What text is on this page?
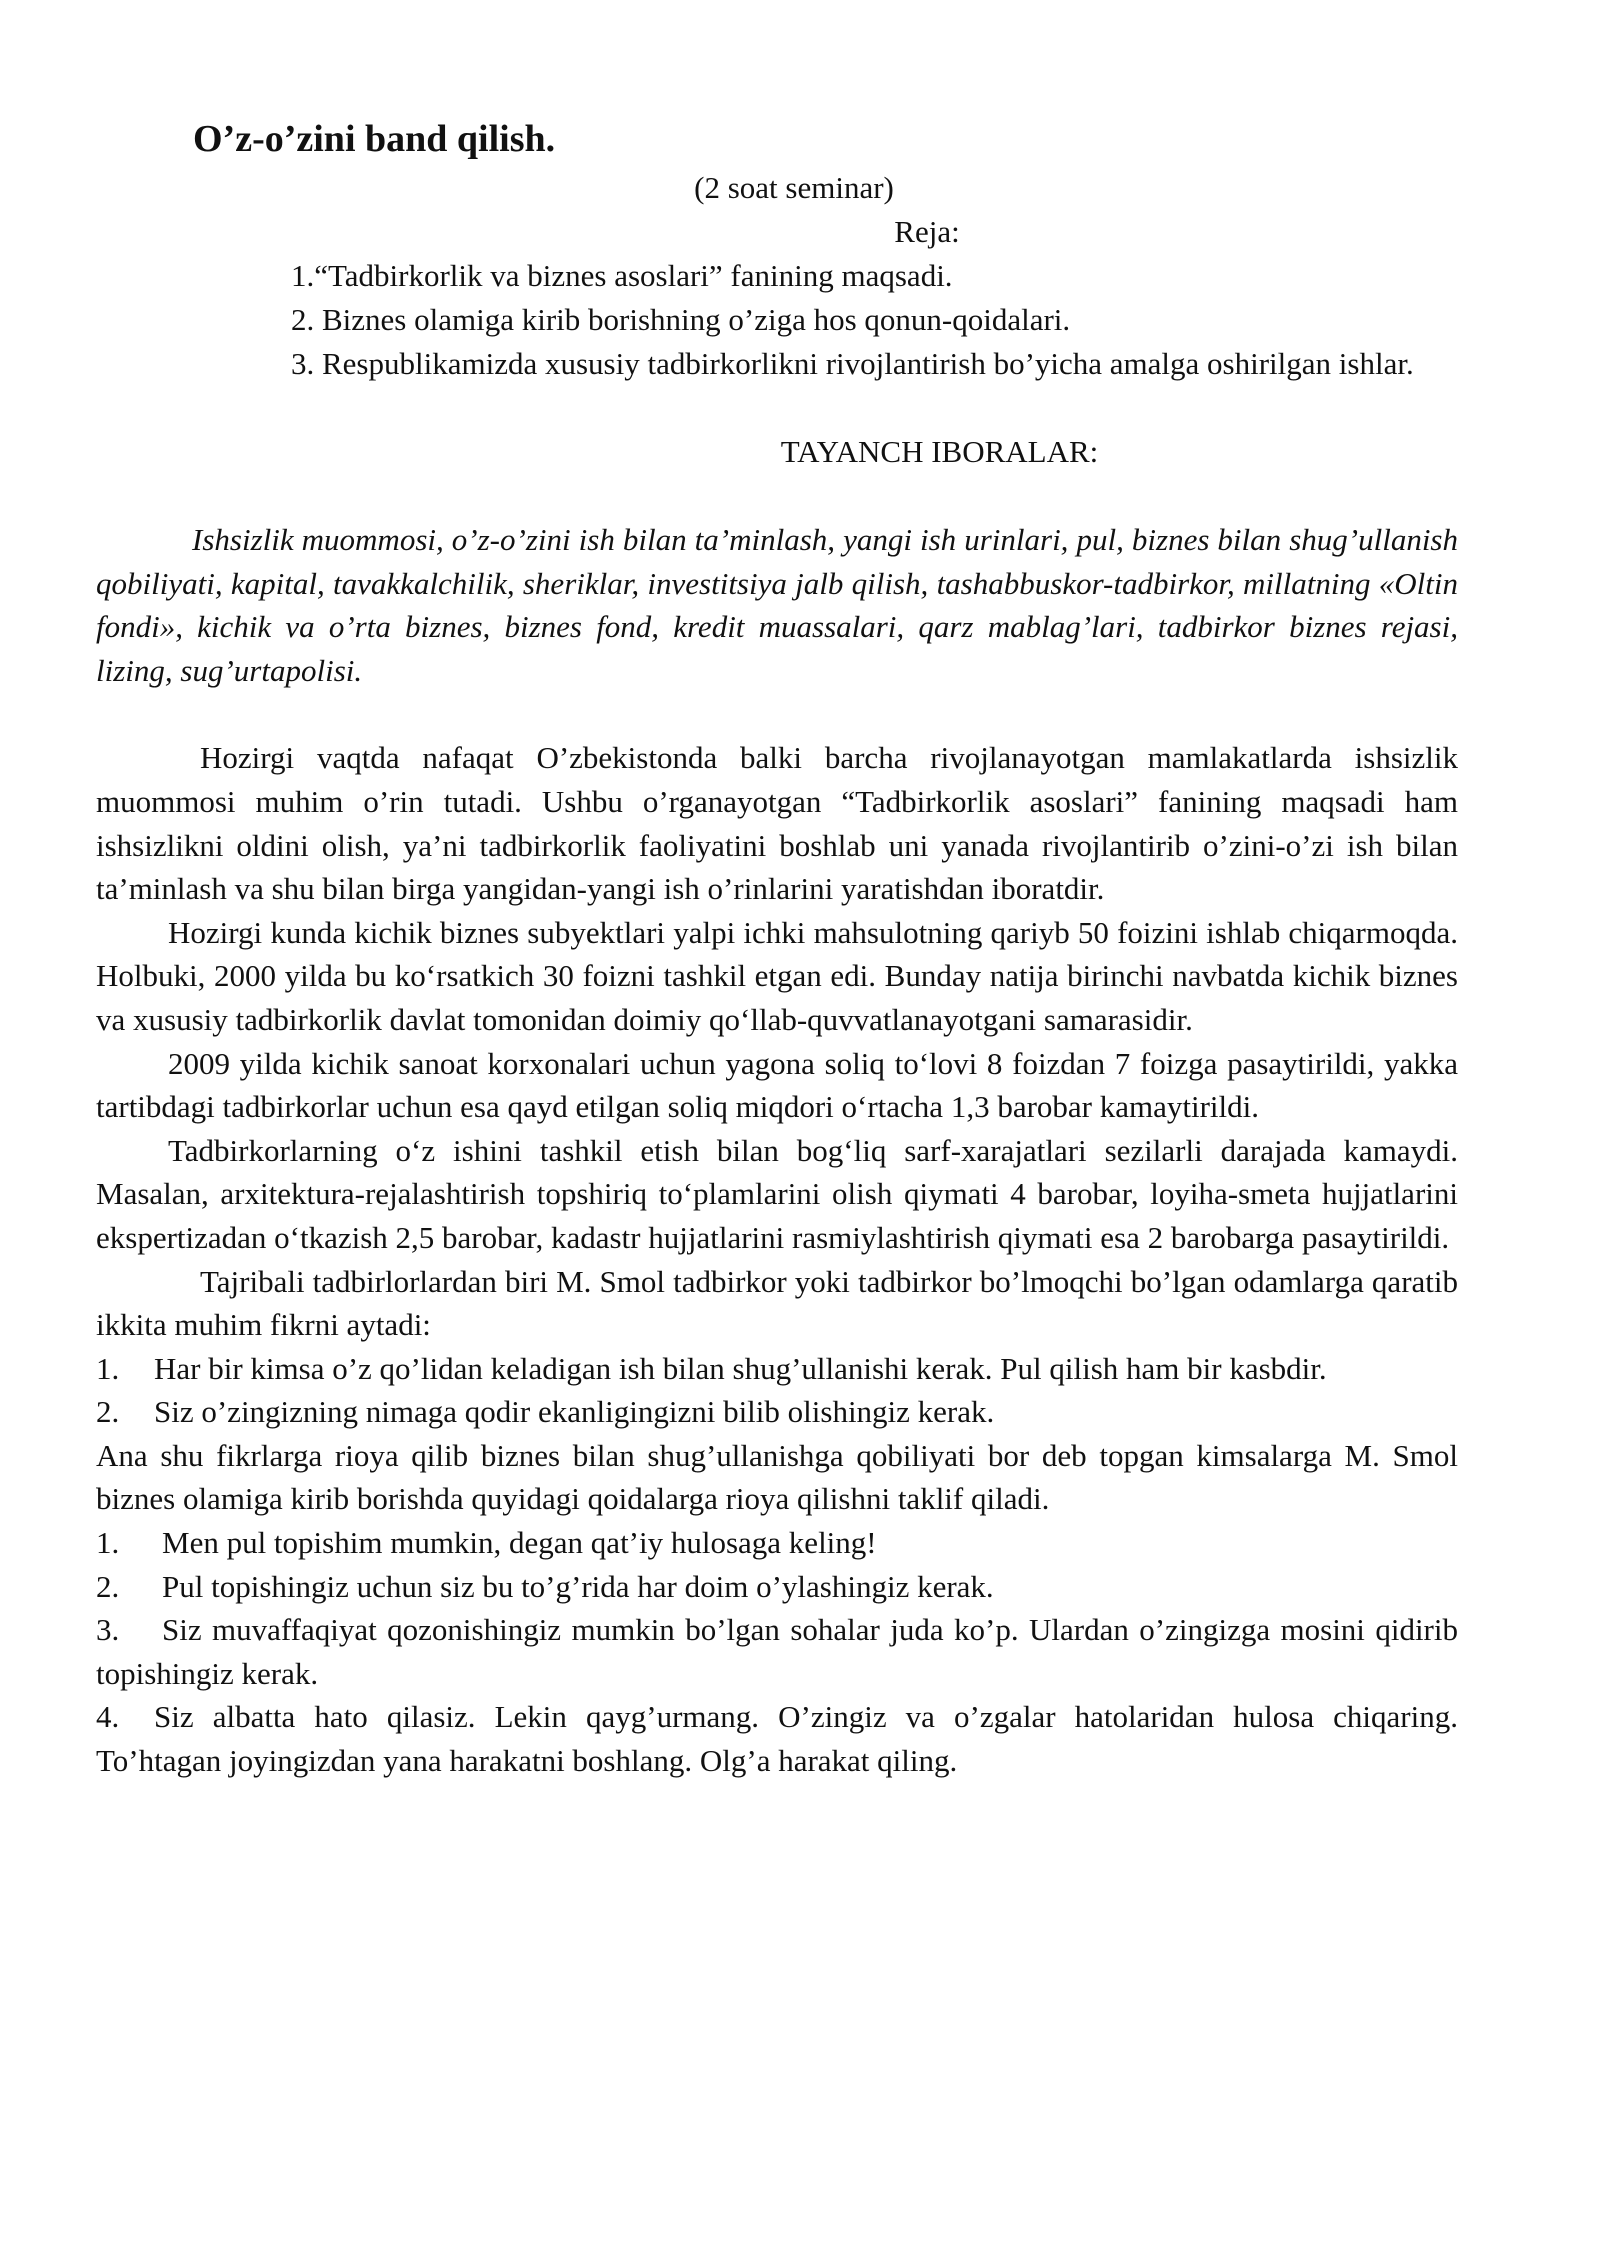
O’z-o’zini band qilish.

(2 soat seminar)

Reja:

1.“Tadbirkorlik va biznes asoslari” fanining maqsadi.
2. Biznes olamiga kirib borishning o’ziga hos qonun-qoidalari.
3. Respublikamizda xususiy tadbirkorlikni rivojlantirish bo’yicha amalga oshirilgan ishlar.

TAYANCH IBORALAR:

Ishsizlik muommosi, o’z-o’zini ish bilan ta’minlash, yangi ish urinlari, pul, biznes bilan shug’ullanish qobiliyati, kapital, tavakkalchilik, sheriklar, investitsiya jalb qilish, tashabbuskor-tadbirkor, millatning «Oltin fondi», kichik va o’rta biznes, biznes fond, kredit muassalari, qarz mablag’lari, tadbirkor biznes rejasi, lizing, sug’urtapolisi.

Hozirgi vaqtda nafaqat O’zbekistonda balki barcha rivojlanayotgan mamlakatlarda ishsizlik muommosi muhim o’rin tutadi. Ushbu o’rganayotgan “Tadbirkorlik asoslari” fanining maqsadi ham ishsizlikni oldini olish, ya’ni tadbirkorlik faoliyatini boshlab uni yanada rivojlantirib o’zini-o’zi ish bilan ta’minlash va shu bilan birga yangidan-yangi ish o’rinlarini yaratishdan iboratdir.

Hozirgi kunda kichik biznes subyektlari yalpi ichki mahsulotning qariyb 50 foizini ishlab chiqarmoqda. Holbuki, 2000 yilda bu ko‘rsatkich 30 foizni tashkil etgan edi. Bunday natija birinchi navbatda kichik biznes va xususiy tadbirkorlik davlat tomonidan doimiy qo‘llab-quvvatlanayotgani samarasidir.

2009 yilda kichik sanoat korxonalari uchun yagona soliq to‘lovi 8 foizdan 7 foizga pasaytirildi, yakka tartibdagi tadbirkorlar uchun esa qayd etilgan soliq miqdori o‘rtacha 1,3 barobar kamaytirildi.

Tadbirkorlarning o‘z ishini tashkil etish bilan bog‘liq sarf-xarajatlari sezilarli darajada kamaydi. Masalan, arxitektura-rejalashtirish topshiriq to‘plamlarini olish qiymati 4 barobar, loyiha-smeta hujjatlarini ekspertizadan o‘tkazish 2,5 barobar, kadastr hujjatlarini rasmiylashtirish qiymati esa 2 barobarga pasaytirildi.

Tajribali tadbirlorlardan biri M. Smol tadbirkor yoki tadbirkor bo’lmoqchi bo’lgan odamlarga qaratib ikkita muhim fikrni aytadi:

1. Har bir kimsa o’z qo’lidan keladigan ish bilan shug’ullanishi kerak. Pul qilish ham bir kasbdir.

2. Siz o’zingizning nimaga qodir ekanligingizni bilib olishingiz kerak.

Ana shu fikrlarga rioya qilib biznes bilan shug’ullanishga qobiliyati bor deb topgan kimsalarga M. Smol biznes olamiga kirib borishda quyidagi qoidalarga rioya qilishni taklif qiladi.

1. Men pul topishim mumkin, degan qat’iy hulosaga keling!

2. Pul topishingiz uchun siz bu to’g’rida har doim o’ylashingiz kerak.

3. Siz muvaffaqiyat qozonishingiz mumkin bo’lgan sohalar juda ko’p. Ulardan o’zingizga mosini qidirib topishingiz kerak.

4. Siz albatta hato qilasiz. Lekin qayg’urmang. O’zingiz va o’zgalar hatolaridan hulosa chiqaring. To’htagan joyingizdan yana harakatni boshlang. Olg’a harakat qiling.
